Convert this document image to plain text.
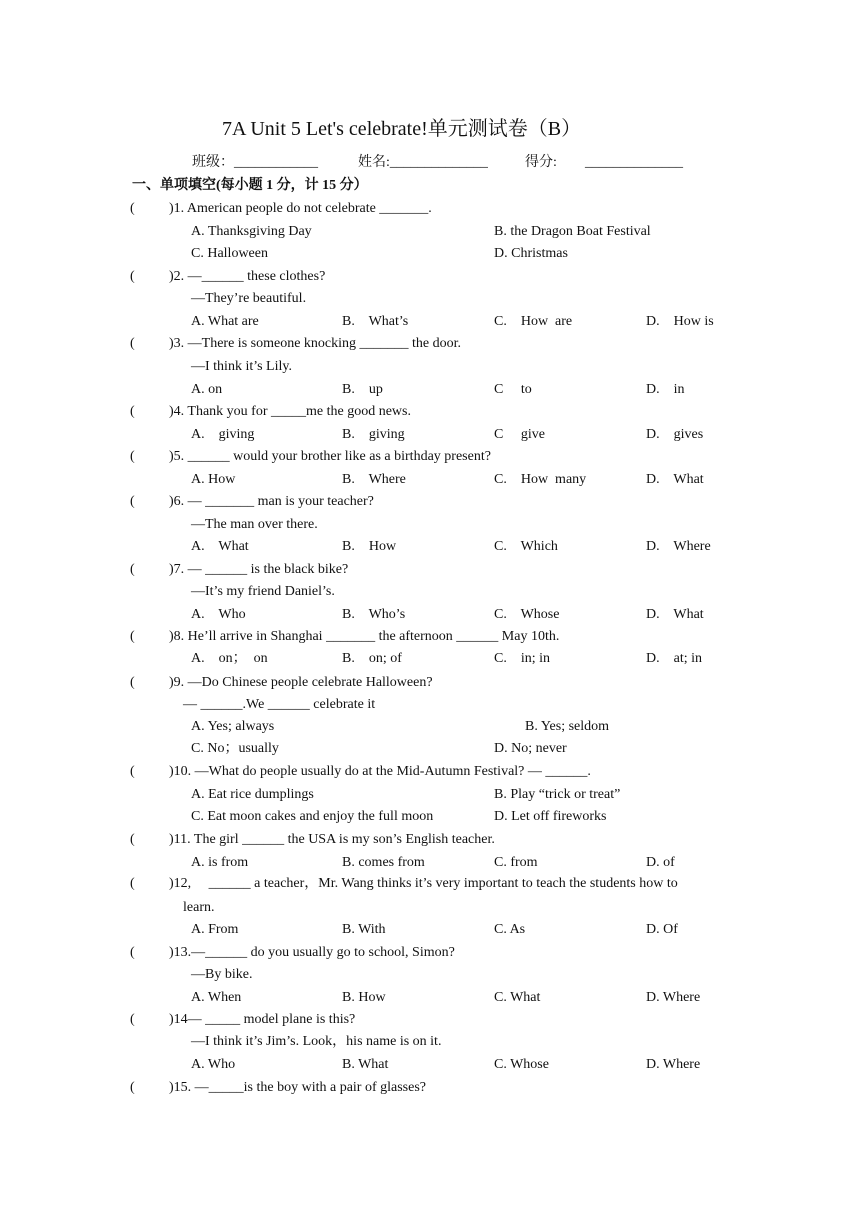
7A Unit 5 Let's celebrate!单元测试卷（B）
班级：____________	姓名:______________	得分: ______________
一、单项填空(每小题 1 分，计 15 分）
( )1. American people do not celebrate _______.
A. Thanksgiving Day	B. the Dragon Boat Festival
C. Halloween	D. Christmas
( )2. —______ these clothes?
—They’re beautiful.
A. What are	B.    What’s	C.    How  are	D.    How is
( )3. —There is someone knocking _______ the door.
—I think it’s Lily.
A. on	B.    up	C     to	D.    in
( )4. Thank you for _____me the good news.
A.    giving	B.    giving	C     give	D.    gives
( )5. ______ would your brother like as a birthday present?
A. How	B.    Where	C.    How  many	D.    What
( )6. — _______ man is your teacher?
—The man over there.
A.    What	B.    How	C.    Which	D.    Where
( )7. — ______ is the black bike?
—It’s my friend Daniel’s.
A.    Who	B.    Who’s	C.    Whose	D.    What
( )8. He’ll arrive in Shanghai _______ the afternoon ______ May 10th.
A.    on；  on	B.    on; of	C.    in; in	D.    at; in
( )9. —Do Chinese people celebrate Halloween?
— ______.We ______ celebrate it
A. Yes; always	B. Yes; seldom
C. No；usually	D. No; never
( )10. —What do people usually do at the Mid-Autumn Festival? — ______.
A. Eat rice dumplings	B. Play “trick or treat”
C. Eat moon cakes and enjoy the full moon	D. Let off fireworks
( )11. The girl ______ the USA is my son’s English teacher.
A. is from	B. comes from	C. from	D. of
( )12,     ______ a teacher，Mr. Wang thinks it’s very important to teach the students how to
learn.
A. From	B. With	C. As	D. Of
( )13.—______ do you usually go to school, Simon?
—By bike.
A. When	B. How	C. What	D. Where
( )14— _____ model plane is this?
—I think it’s Jim’s. Look，his name is on it.
A. Who	B. What	C. Whose	D. Where
( )15. —_____is the boy with a pair of glasses?
